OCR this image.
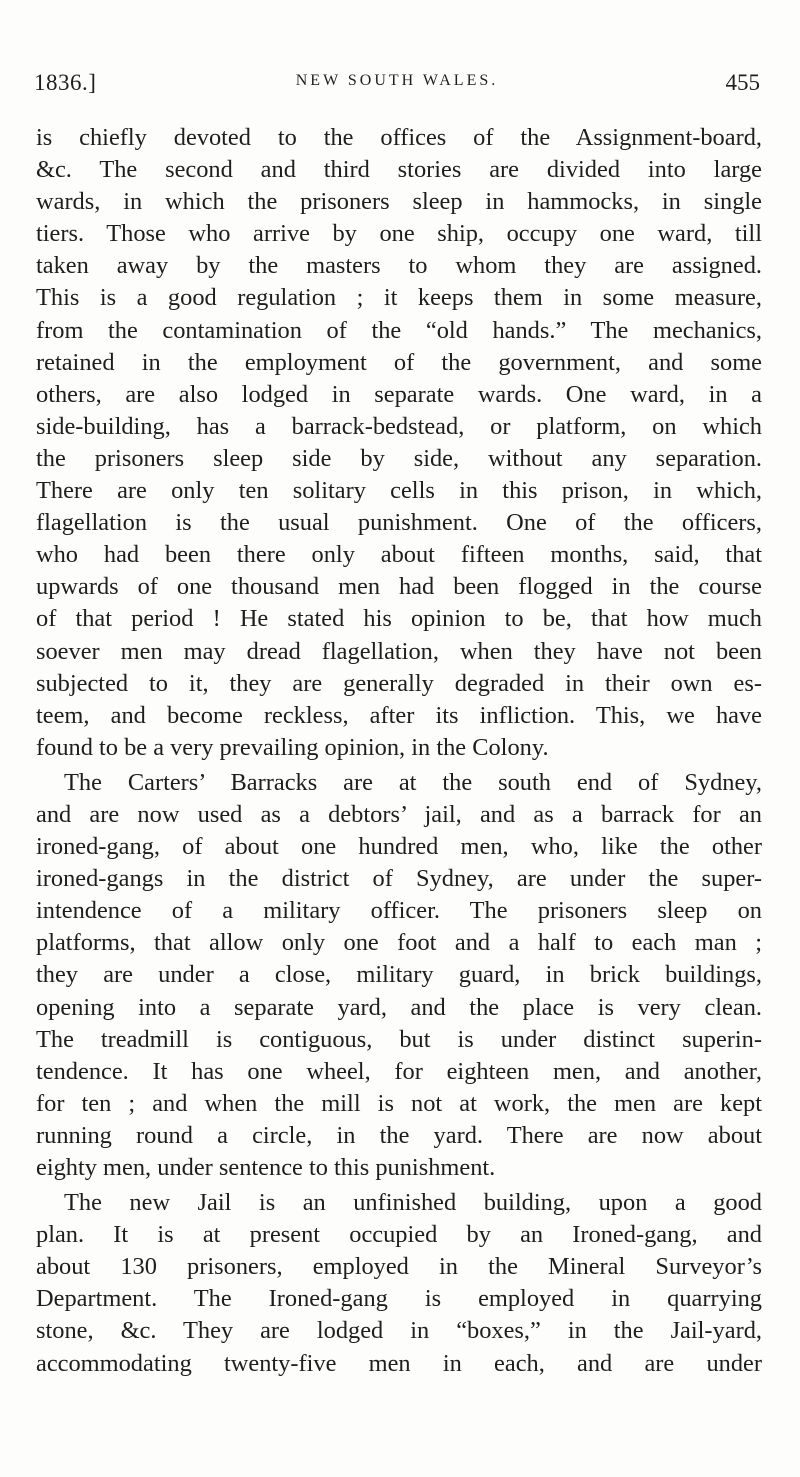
1836.]	NEW SOUTH WALES.	455
is chiefly devoted to the offices of the Assignment-board,
&c. The second and third stories are divided into large
wards, in which the prisoners sleep in hammocks, in single
tiers. Those who arrive by one ship, occupy one ward, till
taken away by the masters to whom they are assigned.
This is a good regulation ; it keeps them in some measure,
from the contamination of the “old hands.” The mechanics,
retained in the employment of the government, and some
others, are also lodged in separate wards. One ward, in a
side-building, has a barrack-bedstead, or platform, on which
the prisoners sleep side by side, without any separation.
There are only ten solitary cells in this prison, in which,
flagellation is the usual punishment. One of the officers,
who had been there only about fifteen months, said, that
upwards of one thousand men had been flogged in the course
of that period ! He stated his opinion to be, that how much
soever men may dread flagellation, when they have not been
subjected to it, they are generally degraded in their own es-
teem, and become reckless, after its infliction. This, we have
found to be a very prevailing opinion, in the Colony.
The Carters’ Barracks are at the south end of Sydney,
and are now used as a debtors’ jail, and as a barrack for an
ironed-gang, of about one hundred men, who, like the other
ironed-gangs in the district of Sydney, are under the super-
intendence of a military officer. The prisoners sleep on
platforms, that allow only one foot and a half to each man ;
they are under a close, military guard, in brick buildings,
opening into a separate yard, and the place is very clean.
The treadmill is contiguous, but is under distinct superin-
tendence. It has one wheel, for eighteen men, and another,
for ten ; and when the mill is not at work, the men are kept
running round a circle, in the yard. There are now about
eighty men, under sentence to this punishment.
The new Jail is an unfinished building, upon a good
plan. It is at present occupied by an Ironed-gang, and
about 130 prisoners, employed in the Mineral Surveyor’s
Department. The Ironed-gang is employed in quarrying
stone, &c. They are lodged in “boxes,” in the Jail-yard,
accommodating twenty-five men in each, and are under
